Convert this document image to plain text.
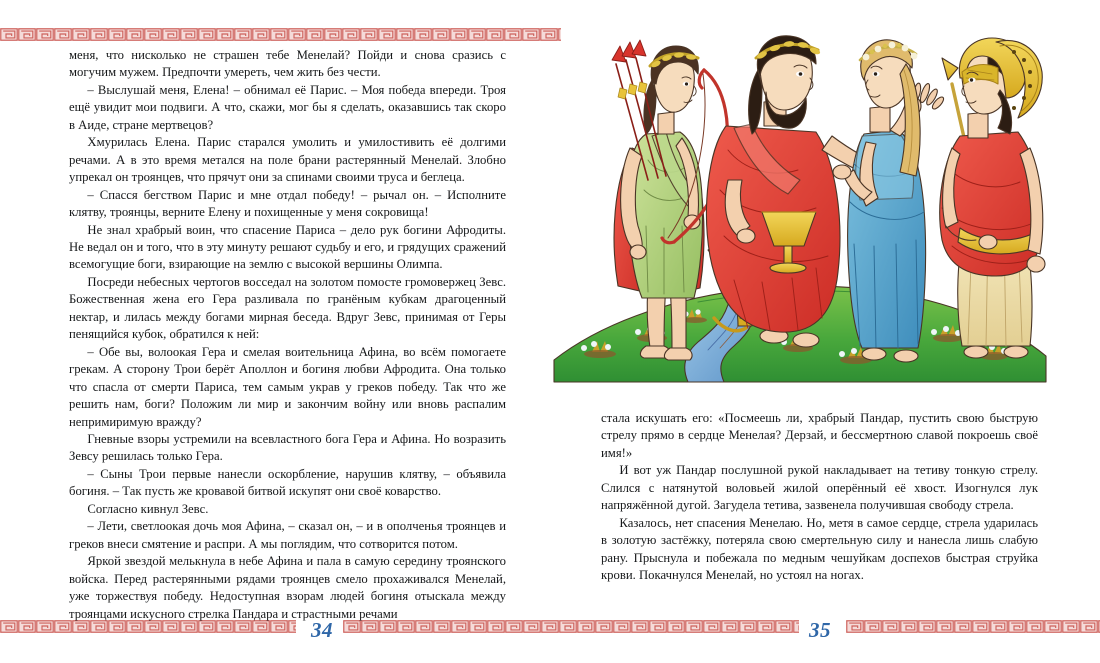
меня, что нисколько не страшен тебе Менелай? Пойди и снова сразись с могучим мужем. Предпочти умереть, чем жить без чести.

– Выслушай меня, Елена! – обнимал её Парис. – Моя победа впереди. Троя ещё увидит мои подвиги. А что, скажи, мог бы я сделать, оказавшись так скоро в Аиде, стране мертвецов?

Хмурилась Елена. Парис старался умолить и умилостивить её долгими речами. А в это время метался на поле брани растерянный Менелай. Злобно упрекал он троянцев, что прячут они за спинами своими труса и беглеца.

– Спасся бегством Парис и мне отдал победу! – рычал он. – Исполните клятву, троянцы, верните Елену и похищенные у меня сокровища!

Не знал храбрый воин, что спасение Париса – дело рук богини Афродиты. Не ведал он и того, что в эту минуту решают судьбу и его, и грядущих сражений всемогущие боги, взирающие на землю с высокой вершины Олимпа.

Посреди небесных чертогов восседал на золотом помосте громовержец Зевс. Божественная жена его Гера разливала по гранёным кубкам драгоценный нектар, и лилась между богами мирная беседа. Вдруг Зевс, принимая от Геры пенящийся кубок, обратился к ней:

– Обе вы, волоокая Гера и смелая воительница Афина, во всём помогаете грекам. А сторону Трои берёт Аполлон и богиня любви Афродита. Она только что спасла от смерти Париса, тем самым украв у греков победу. Так что же решить нам, боги? Положим ли мир и закончим войну или вновь распалим непримиримую вражду?

Гневные взоры устремили на всевластного бога Гера и Афина. Но возразить Зевсу решилась только Гера.

– Сыны Трои первые нанесли оскорбление, нарушив клятву, – объявила богиня. – Так пусть же кровавой битвой искупят они своё коварство.

Согласно кивнул Зевс.

– Лети, светлоокая дочь моя Афина, – сказал он, – и в ополченья троянцев и греков внеси смятение и распри. А мы поглядим, что сотворится потом.

Яркой звездой мелькнула в небе Афина и пала в самую середину троянского войска. Перед растерянными рядами троянцев смело прохаживался Менелай, уже торжествуя победу. Недоступная взорам людей богиня отыскала между троянцами искусного стрелка Пандара и страстными речами

стала искушать его: «Посмеешь ли, храбрый Пандар, пустить свою быструю стрелу прямо в сердце Менелая? Дерзай, и бессмертною славой покроешь своё имя!»

И вот уж Пандар послушной рукой накладывает на тетиву тонкую стрелу. Слился с натянутой воловьей жилой оперённый её хвост. Изогнулся лук напряжённой дугой. Загудела тетива, зазвенела получившая свободу стрела.

Казалось, нет спасения Менелаю. Но, метя в самое сердце, стрела ударилась в золотую застёжку, потеряла свою смертельную силу и нанесла лишь слабую рану. Прыснула и побежала по медным чешуйкам доспехов быстрая струйка крови. Покачнулся Менелай, но устоял на ногах.

34	35
